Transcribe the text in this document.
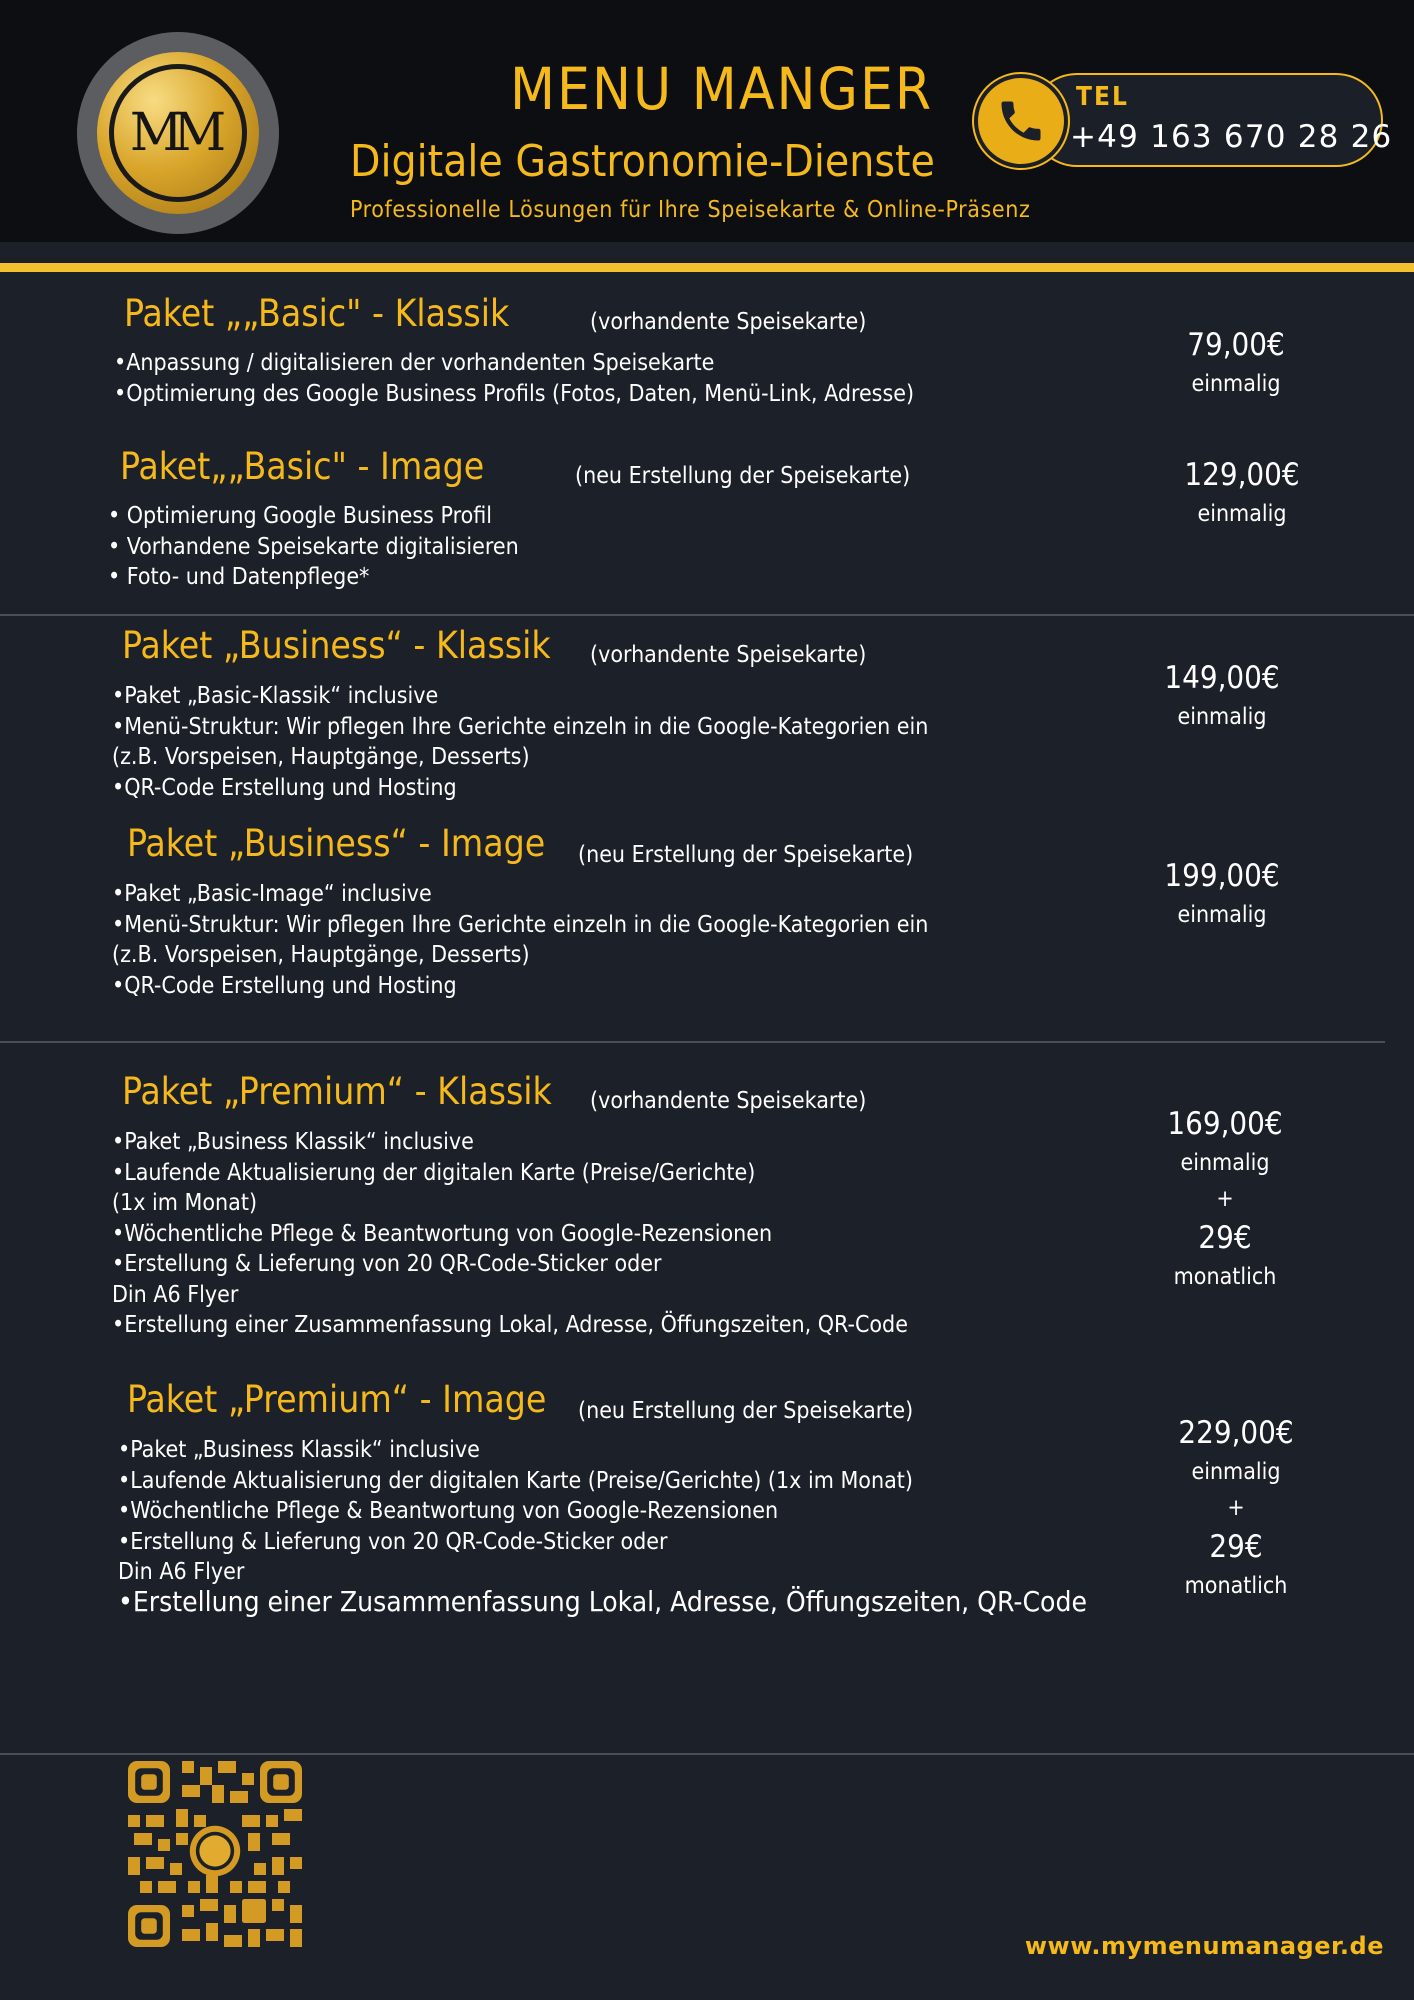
MM
MENU MANGER
Digitale Gastronomie-Dienste
Professionelle Lösungen für Ihre Speisekarte & Online-Präsenz
TEL
+49 163 670 28 26
Paket „„Basic" - Klassik	(vorhandente Speisekarte)
•Anpassung / digitalisieren der vorhandenten Speisekarte
•Optimierung des Google Business Profils (Fotos, Daten, Menü-Link, Adresse)
79,00€
einmalig
Paket„„Basic" - Image	(neu Erstellung der Speisekarte)
• Optimierung Google Business Profil
• Vorhandene Speisekarte digitalisieren
• Foto- und Datenpflege*
129,00€
einmalig
Paket „Business“ - Klassik (vorhandente Speisekarte)
•Paket „Basic-Klassik“ inclusive
•Menü-Struktur: Wir pflegen Ihre Gerichte einzeln in die Google-Kategorien ein
(z.B. Vorspeisen, Hauptgänge, Desserts)
•QR-Code Erstellung und Hosting
149,00€
einmalig
Paket „Business“ - Image (neu Erstellung der Speisekarte)
•Paket „Basic-Image“ inclusive
•Menü-Struktur: Wir pflegen Ihre Gerichte einzeln in die Google-Kategorien ein
(z.B. Vorspeisen, Hauptgänge, Desserts)
•QR-Code Erstellung und Hosting
199,00€
einmalig
Paket „Premium“ - Klassik (vorhandente Speisekarte)
•Paket „Business Klassik“ inclusive
•Laufende Aktualisierung der digitalen Karte (Preise/Gerichte)
(1x im Monat)
•Wöchentliche Pflege & Beantwortung von Google-Rezensionen
•Erstellung & Lieferung von 20 QR-Code-Sticker oder
Din A6 Flyer
•Erstellung einer Zusammenfassung Lokal, Adresse, Öffungszeiten, QR-Code
169,00€
einmalig
+
29€
monatlich
Paket „Premium“ - Image (neu Erstellung der Speisekarte)
•Paket „Business Klassik“ inclusive
•Laufende Aktualisierung der digitalen Karte (Preise/Gerichte) (1x im Monat)
•Wöchentliche Pflege & Beantwortung von Google-Rezensionen
•Erstellung & Lieferung von 20 QR-Code-Sticker oder
Din A6 Flyer
•Erstellung einer Zusammenfassung Lokal, Adresse, Öffungszeiten, QR-Code
229,00€
einmalig
+
29€
monatlich
www.mymenumanager.de
